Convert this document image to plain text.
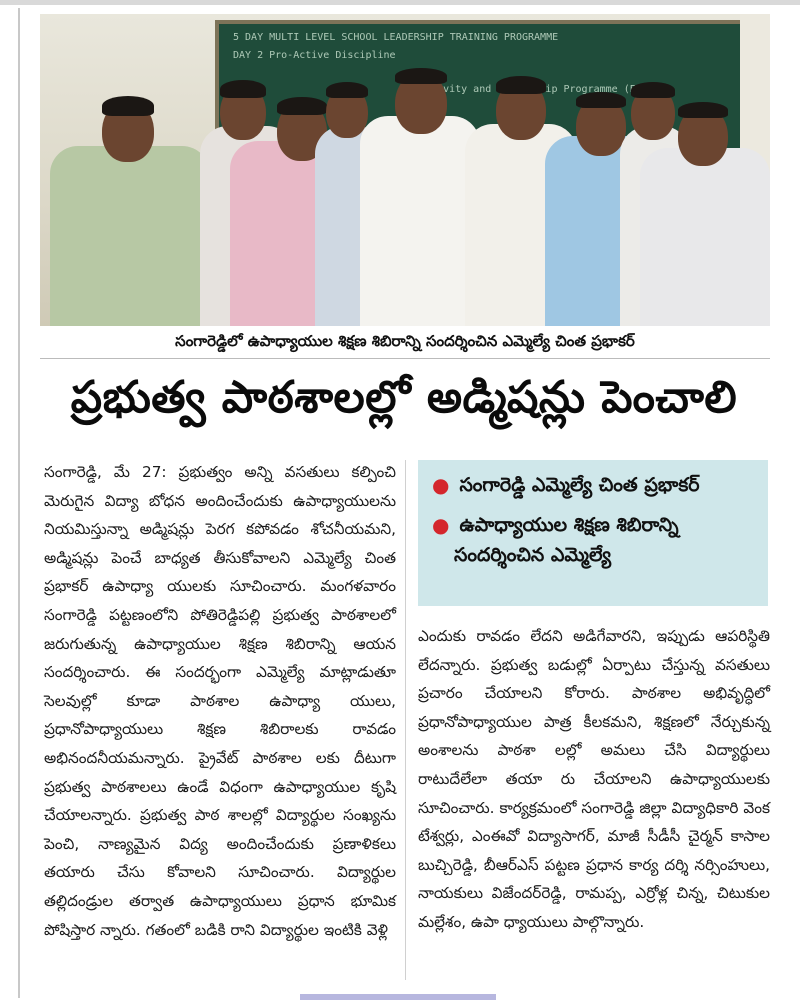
5 DAY MULTI LEVEL SCHOOL LEADERSHIP TRAINING PROGRAMME
DAY 2 Pro-Active Discipline
and Programme
సంగారెడ్డిలో ఉపాధ్యాయుల శిక్షణ శిబిరాన్ని సందర్శించిన ఎమ్మెల్యే చింత ప్రభాకర్
ప్రభుత్వ పాఠశాలల్లో అడ్మిషన్లు పెంచాలి

సంగారెడ్డి, మే 27: ప్రభుత్వం అన్ని వసతులు కల్పించి మెరుగైన విద్యా బోధన అందించేందుకు ఉపాధ్యాయులను నియమిస్తున్నా అడ్మిషన్లు పెరగ కపోవడం శోచనీయమని, అడ్మిషన్లు పెంచే బాధ్యత తీసుకోవాలని ఎమ్మెల్యే చింత ప్రభాకర్ ఉపాధ్యా యులకు సూచించారు. మంగళవారం సంగారెడ్డి పట్టణంలోని పోతిరెడ్డిపల్లి ప్రభుత్వ పాఠశాలలో జరుగుతున్న ఉపాధ్యాయుల శిక్షణ శిబిరాన్ని ఆయన సందర్శించారు. ఈ సందర్భంగా ఎమ్మెల్యే మాట్లాడుతూ సెలవుల్లో కూడా పాఠశాల ఉపాధ్యా యులు, ప్రధానోపాధ్యాయులు శిక్షణ శిబిరాలకు రావడం అభినందనీయమన్నారు. ప్రైవేట్ పాఠశాల లకు దీటుగా ప్రభుత్వ పాఠశాలలు ఉండే విధంగా ఉపాధ్యాయుల కృషి చేయాలన్నారు. ప్రభుత్వ పాఠ శాలల్లో విద్యార్థుల సంఖ్యను పెంచి, నాణ్యమైన విద్య అందించేందుకు ప్రణాళికలు తయారు చేసు కోవాలని సూచించారు. విద్యార్థుల తల్లిదండ్రుల తర్వాత ఉపాధ్యాయులు ప్రధాన భూమిక పోషిస్తార న్నారు. గతంలో బడికి రాని విద్యార్థుల ఇంటికి వెళ్లి

● సంగారెడ్డి ఎమ్మెల్యే చింత ప్రభాకర్
● ఉపాధ్యాయుల శిక్షణ శిబిరాన్ని
సందర్శించిన ఎమ్మెల్యే

ఎందుకు రావడం లేదని అడిగేవారని, ఇప్పుడు ఆపరిస్థితి లేదన్నారు. ప్రభుత్వ బడుల్లో ఏర్పాటు చేస్తున్న వసతులు ప్రచారం చేయాలని కోరారు. పాఠశాల అభివృద్ధిలో ప్రధానోపాధ్యాయుల పాత్ర కీలకమని, శిక్షణలో నేర్చుకున్న అంశాలను పాఠశా లల్లో అమలు చేసి విద్యార్థులు రాటుదేలేలా తయా రు చేయాలని ఉపాధ్యాయులకు సూచించారు. కార్యక్రమంలో సంగారెడ్డి జిల్లా విద్యాధికారి వెంక టేశ్వర్లు, ఎంఈవో విద్యాసాగర్, మాజీ సీడీసీ చైర్మన్ కాసాల బుచ్చిరెడ్డి, బీఆర్ఎస్ పట్టణ ప్రధాన కార్య దర్శి నర్సింహులు, నాయకులు విజేందర్‌రెడ్డి, రామప్ప, ఎర్రోళ్ల చిన్న, చిటుకుల మల్లేశం, ఉపా ధ్యాయులు పాల్గొన్నారు.
